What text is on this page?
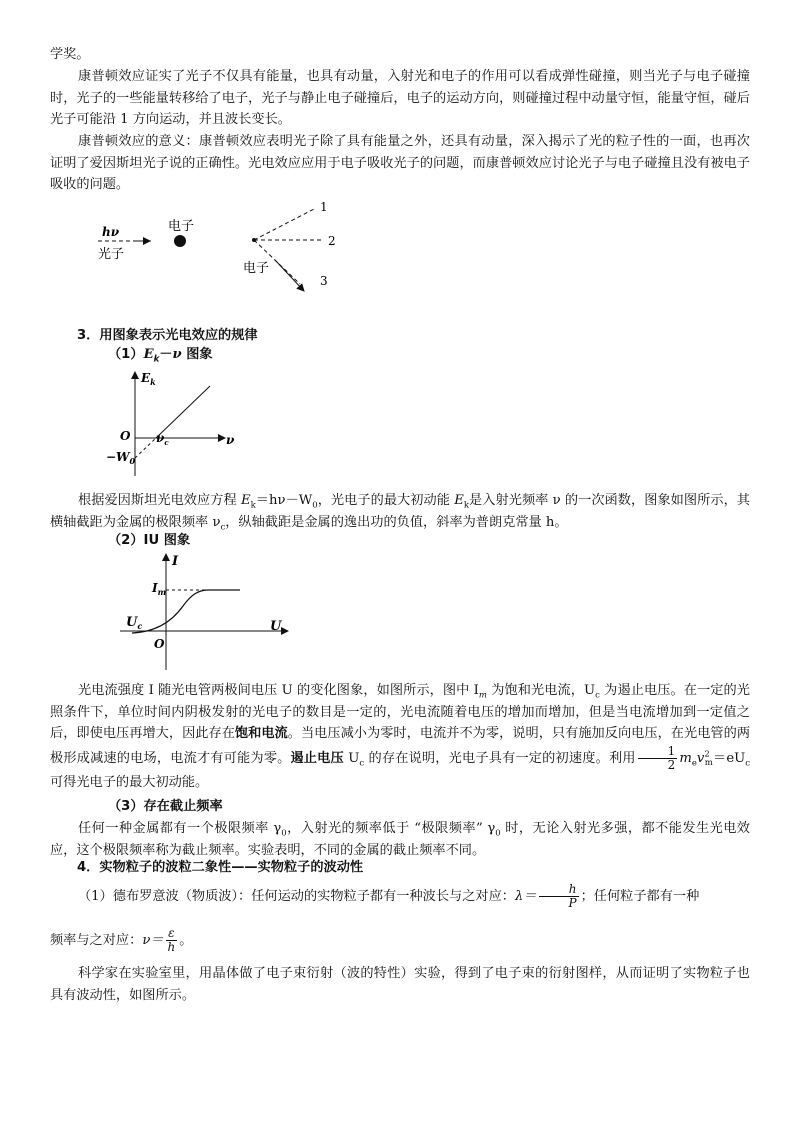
学奖。

康普顿效应证实了光子不仅具有能量，也具有动量，入射光和电子的作用可以看成弹性碰撞，则当光子与电子碰撞时，光子的一些能量转移给了电子，光子与静止电子碰撞后，电子的运动方向，则碰撞过程中动量守恒，能量守恒，碰后光子可能沿 1 方向运动，并且波长变长。

康普顿效应的意义：康普顿效应表明光子除了具有能量之外，还具有动量，深入揭示了光的粒子性的一面，也再次证明了爱因斯坦光子说的正确性。光电效应应用于电子吸收光子的问题，而康普顿效应讨论光子与电子碰撞且没有被电子吸收的问题。

hν
光子
电子
1
2
3
电子

3．用图象表示光电效应的规律

$(1)E_k-\nu$ 图象

$E_k$
O $\nu_c$	ν
$-W_0$

根据爱因斯坦光电效应方程 $E_k=h\nu-W_0$，光电子的最大初动能 $E_k$是入射光频率 ν 的一次函数，图象如图所示，其横轴截距为金属的极限频率 $\nu_c$，纵轴截距是金属的逸出功的负值，斜率为普朗克常量 h。

（2）IU 图象

I
$I_m$
$U_c$	U
O

光电流强度 I 随光电管两极间电压 U 的变化图象，如图所示，图中 $I_m$ 为饱和光电流，$U_c$ 为遏止电压。在一定的光照条件下，单位时间内阴极发射的光电子的数目是一定的，光电流随着电压的增加而增加，但是当电流增加到一定值之后，即使电压再增大，因此存在饱和电流。当电压减小为零时，电流并不为零，说明，只有施加反向电压，在光电管的两极形成减速的电场，电流才有可能为零。遏止电压 $U_c$ 的存在说明，光电子具有一定的初速度。利用 $\frac{1}{2} m_ev^2_m=eU_c$ 可得光电子的最大初动能。

（3）存在截止频率

任何一种金属都有一个极限频率 $\gamma_0$，入射光的频率低于 “极限频率” $\gamma_0$ 时，无论入射光多强，都不能发生光电效应，这个极限频率称为截止频率。实验表明，不同的金属的截止频率不同。

4．实物粒子的波粒二象性——实物粒子的波动性

（1）德布罗意波（物质波）：任何运动的实物粒子都有一种波长与之对应：$\lambda= \frac{h}{P}$ ；任何粒子都有一种

频率与之对应：$\nu= \frac{\varepsilon}{h}$ 。

科学家在实验室里，用晶体做了电子束衍射（波的特性）实验，得到了电子束的衍射图样，从而证明了实物粒子也具有波动性，如图所示。
